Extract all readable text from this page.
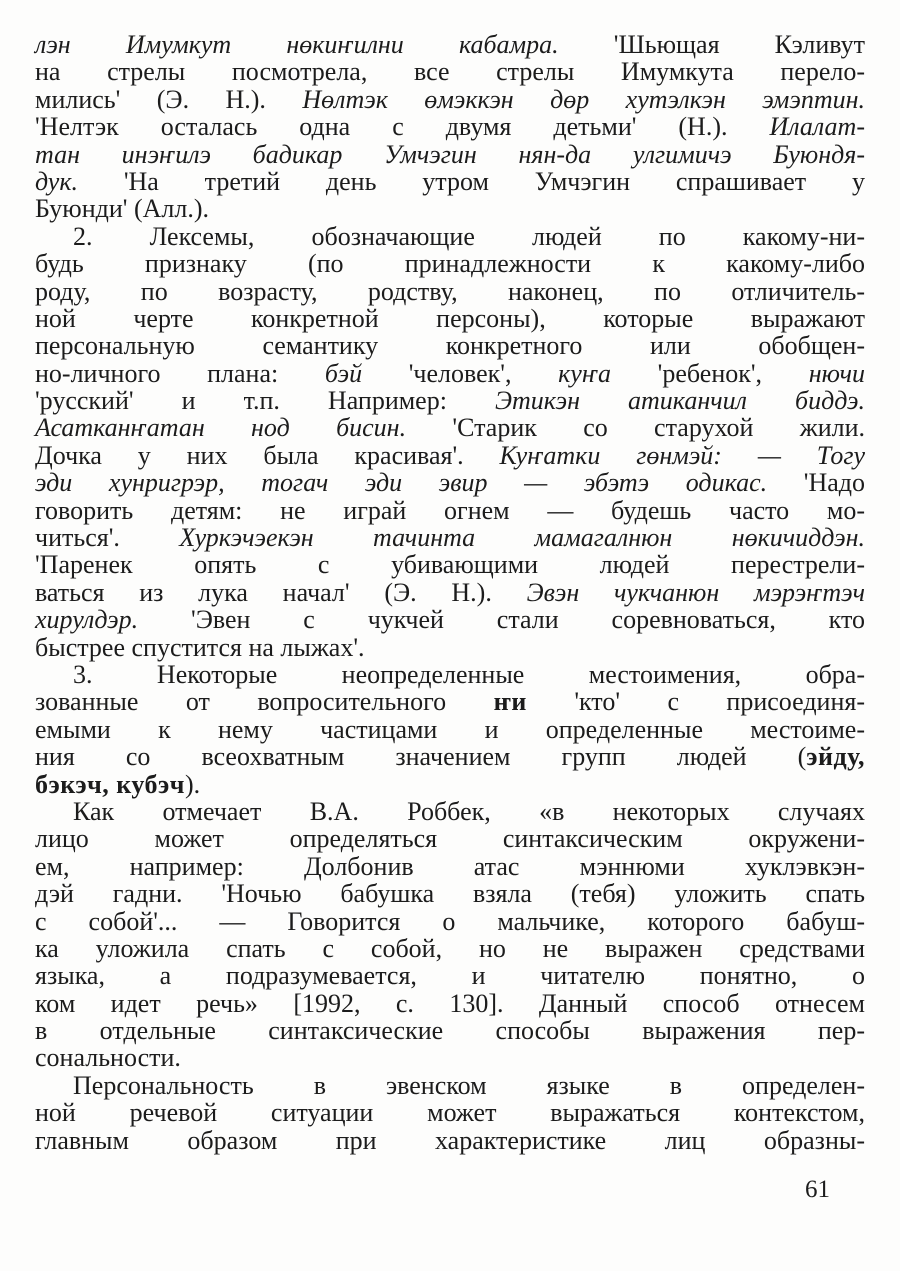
лэн Имумкут нөкиҥилни кабамра. 'Шьющая Кэливут
на стрелы посмотрела, все стрелы Имумкута перело-
мились' (Э. Н.). Нөлтэк өмэккэн дөр хутэлкэн эмэптин.
'Нелтэк осталась одна с двумя детьми' (Н.). Илалат-
тан инэҥилэ бадикар Умчэгин нян-да улгимичэ Буюндя-
дук. 'На третий день утром Умчэгин спрашивает у
Буюнди' (Алл.).
2. Лексемы, обозначающие людей по какому-ни-
будь признаку (по принадлежности к какому-либо
роду, по возрасту, родству, наконец, по отличитель-
ной черте конкретной персоны), которые выражают
персональную семантику конкретного или обобщен-
но-личного плана: бэй 'человек', куҥа 'ребенок', нючи
'русский' и т.п. Например: Этикэн атиканчил биддэ.
Асатканҥатан нод бисин. 'Старик со старухой жили.
Дочка у них была красивая'. Куҥатки гөнмэй: — Тогу
эди хунригрэр, тогач эди эвир — эбэтэ одикас. 'Надо
говорить детям: не играй огнем — будешь часто мо-
читься'. Хуркэчэекэн тачинта мамагалнюн нөкичиддэн.
'Паренек опять с убивающими людей перестрели-
ваться из лука начал' (Э. Н.). Эвэн чукчанюн мэрэҥтэч
хирулдэр. 'Эвен с чукчей стали соревноваться, кто
быстрее спустится на лыжах'.
3. Некоторые неопределенные местоимения, обра-
зованные от вопросительного ҥи 'кто' с присоединя-
емыми к нему частицами и определенные местоиме-
ния со всеохватным значением групп людей (эйду,
бэкэч, кубэч).
Как отмечает В.А. Роббек, «в некоторых случаях
лицо может определяться синтаксическим окружени-
ем, например: Долбонив атас мэннюми хуклэвкэн-
дэй гадни. 'Ночью бабушка взяла (тебя) уложить спать
с собой'... — Говорится о мальчике, которого бабуш-
ка уложила спать с собой, но не выражен средствами
языка, а подразумевается, и читателю понятно, о
ком идет речь» [1992, с. 130]. Данный способ отнесем
в отдельные синтаксические способы выражения пер-
сональности.
Персональность в эвенском языке в определен-
ной речевой ситуации может выражаться контекстом,
главным образом при характеристике лиц образны-
61
